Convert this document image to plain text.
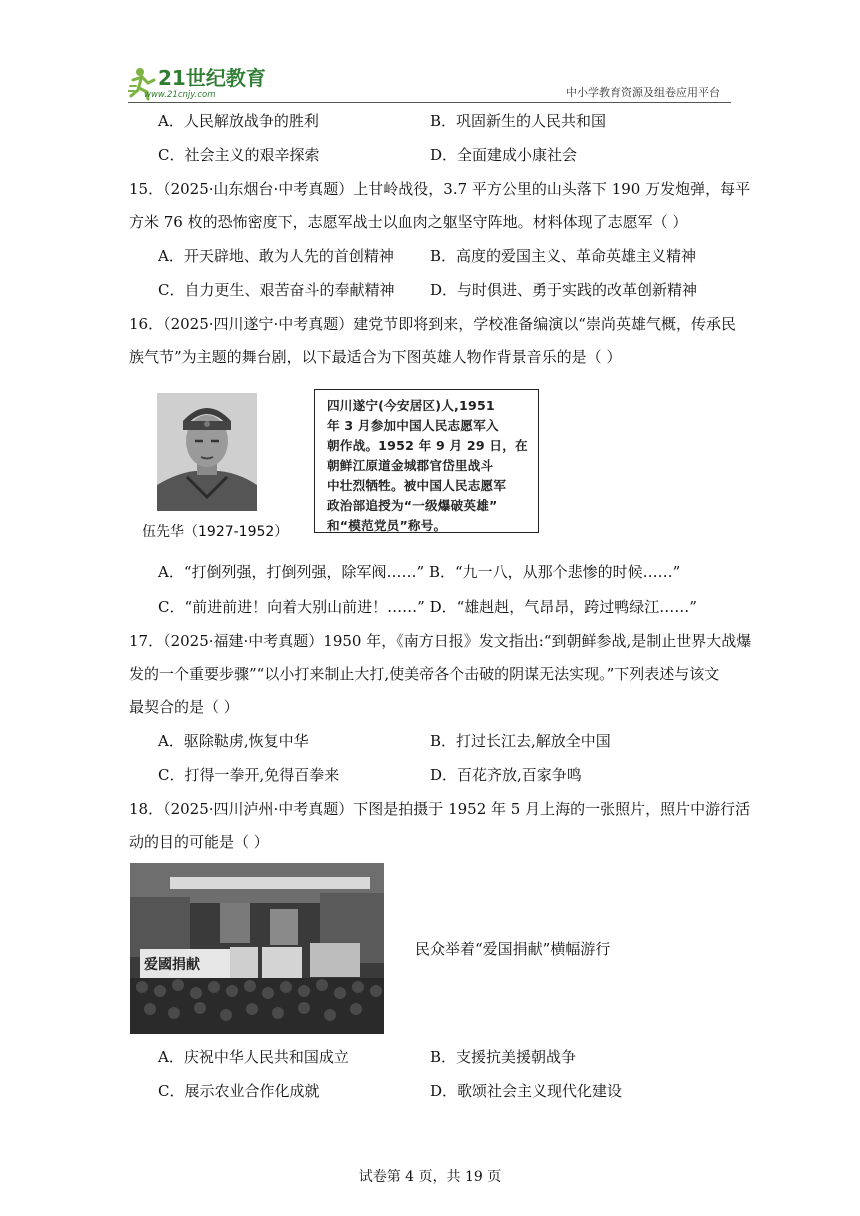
21世纪教育
www.21cnjy.com	中小学教育资源及组卷应用平台
A．人民解放战争的胜利	B．巩固新生的人民共和国
C．社会主义的艰辛探索	D．全面建成小康社会
15．（2025·山东烟台·中考真题）上甘岭战役，3.7 平方公里的山头落下 190 万发炮弹，每平
方米 76 枚的恐怖密度下，志愿军战士以血肉之躯坚守阵地。材料体现了志愿军（ ）
A．开天辟地、敢为人先的首创精神 B．高度的爱国主义、革命英雄主义精神
C．自力更生、艰苦奋斗的奉献精神 D．与时俱进、勇于实践的改革创新精神
16．（2025·四川遂宁·中考真题）建党节即将到来，学校准备编演以“崇尚英雄气概，传承民
族气节”为主题的舞台剧，以下最适合为下图英雄人物作背景音乐的是（ ）
伍先华（1927-1952）
四川遂宁(今安居区)人,1951
年 3 月参加中国人民志愿军入
朝作战。1952 年 9 月 29 日，在
朝鲜江原道金城郡官岱里战斗
中壮烈牺牲。被中国人民志愿军
政治部追授为“一级爆破英雄”
和“模范党员”称号。
A．“打倒列强，打倒列强，除军阀……” B．“九一八，从那个悲惨的时候……”
C．“前进前进！向着大别山前进！……” D．“雄赳赳，气昂昂，跨过鸭绿江……”
17．（2025·福建·中考真题）1950 年，《南方日报》发文指出:“到朝鲜参战,是制止世界大战爆
发的一个重要步骤”“以小打来制止大打,使美帝各个击破的阴谋无法实现。”下列表述与该文
最契合的是（ ）
A．驱除鞑虏,恢复中华	B．打过长江去,解放全中国
C．打得一拳开,免得百拳来	D．百花齐放,百家争鸣
18．（2025·四川泸州·中考真题）下图是拍摄于 1952 年 5 月上海的一张照片，照片中游行活
动的目的可能是（ ）
爱國捐献
民众举着“爱国捐献”横幅游行
A．庆祝中华人民共和国成立	B．支援抗美援朝战争
C．展示农业合作化成就	D．歌颂社会主义现代化建设
试卷第 4 页，共 19 页
